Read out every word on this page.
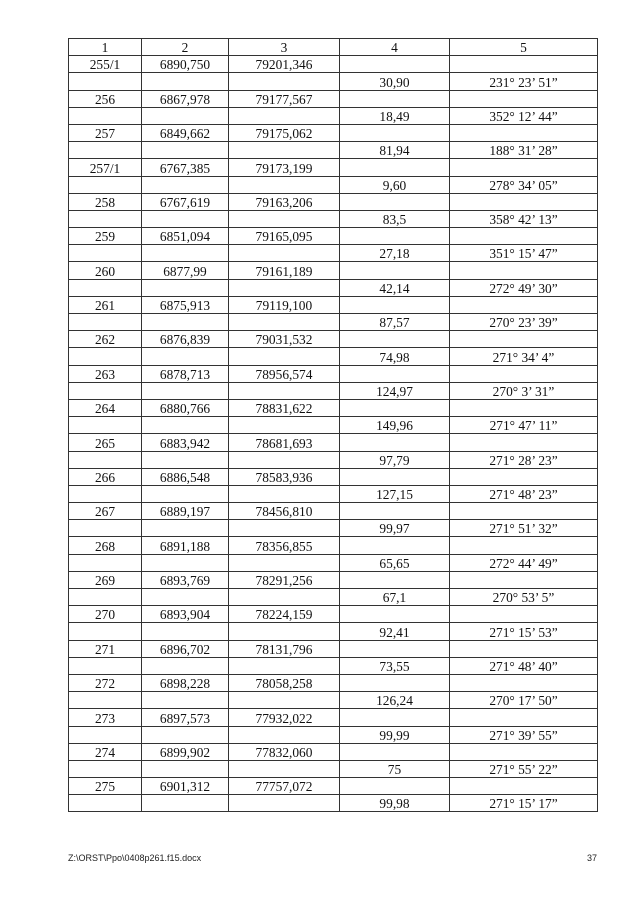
1	2	3	4	5
255/1	6890,750	79201,346		
			30,90	231° 23’ 51”
256	6867,978	79177,567		
			18,49	352° 12’ 44”
257	6849,662	79175,062		
			81,94	188° 31’ 28”
257/1	6767,385	79173,199		
			9,60	278° 34’ 05”
258	6767,619	79163,206		
			83,5	358° 42’ 13”
259	6851,094	79165,095		
			27,18	351° 15’ 47”
260	6877,99	79161,189		
			42,14	272° 49’ 30”
261	6875,913	79119,100		
			87,57	270° 23’ 39”
262	6876,839	79031,532		
			74,98	271° 34’ 4”
263	6878,713	78956,574		
			124,97	270° 3’ 31”
264	6880,766	78831,622		
			149,96	271° 47’ 11”
265	6883,942	78681,693		
			97,79	271° 28’ 23”
266	6886,548	78583,936		
			127,15	271° 48’ 23”
267	6889,197	78456,810		
			99,97	271° 51’ 32”
268	6891,188	78356,855		
			65,65	272° 44’ 49”
269	6893,769	78291,256		
			67,1	270° 53’ 5”
270	6893,904	78224,159		
			92,41	271° 15’ 53”
271	6896,702	78131,796		
			73,55	271° 48’ 40”
272	6898,228	78058,258		
			126,24	270° 17’ 50”
273	6897,573	77932,022		
			99,99	271° 39’ 55”
274	6899,902	77832,060		
			75	271° 55’ 22”
275	6901,312	77757,072		
			99,98	271° 15’ 17”
Z:\ORST\Ppo\0408p261.f15.docx	37
